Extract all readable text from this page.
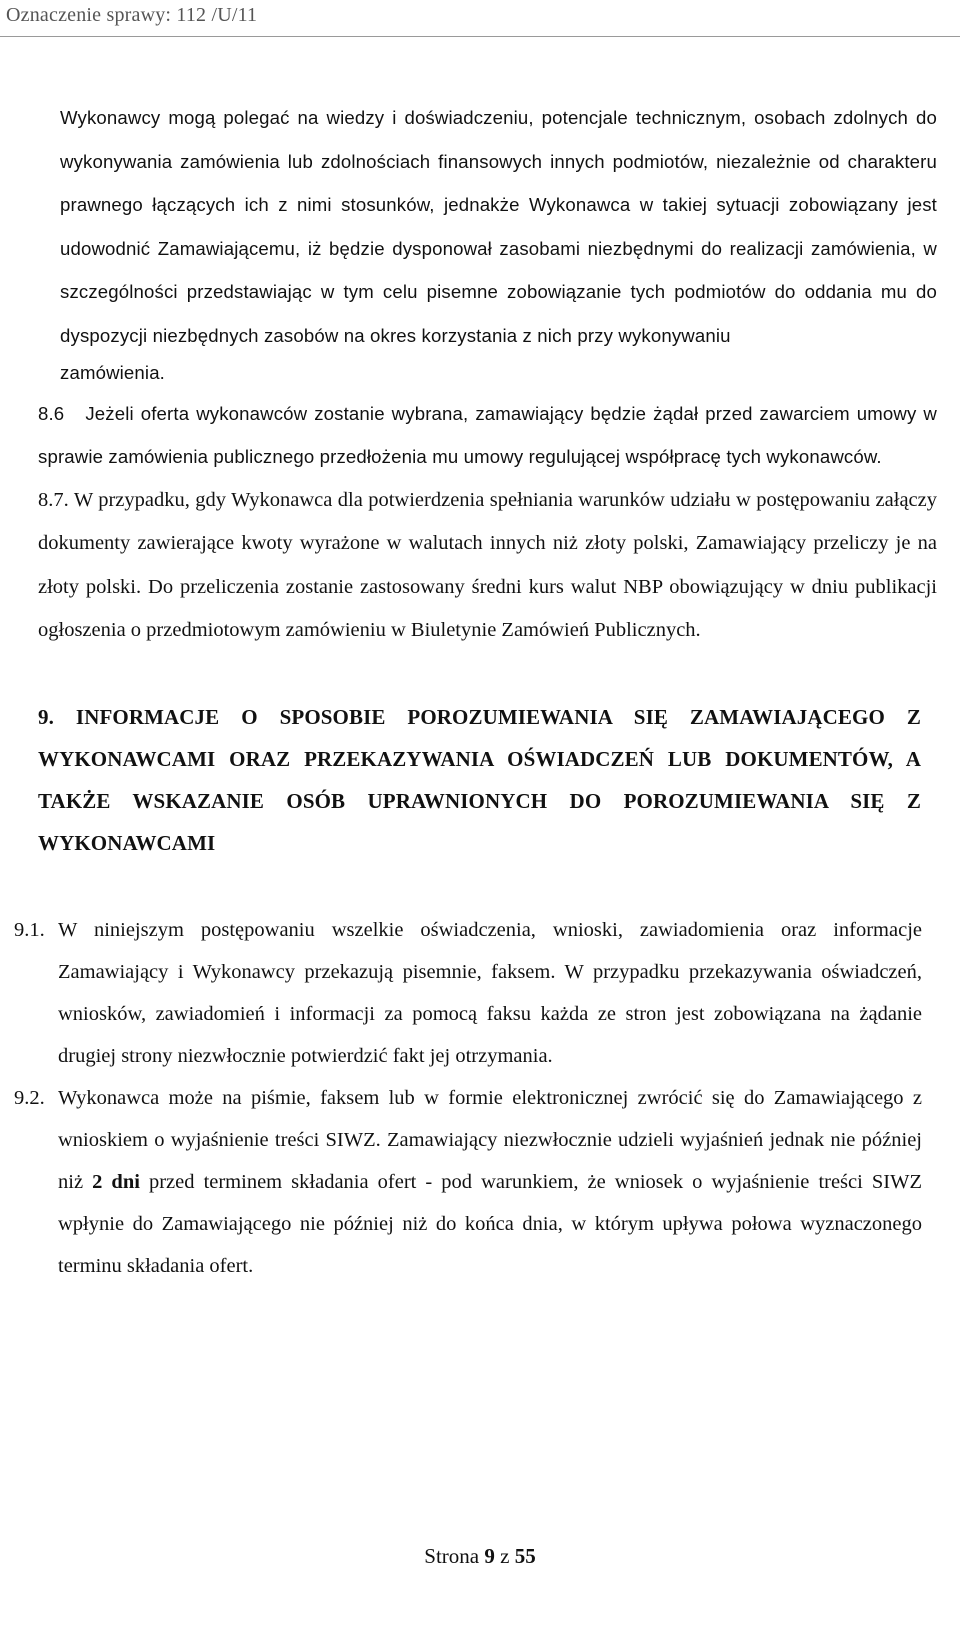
Oznaczenie sprawy: 112 /U/11

Wykonawcy mogą polegać na wiedzy i doświadczeniu, potencjale technicznym, osobach zdolnych do wykonywania zamówienia lub zdolnościach finansowych innych podmiotów, niezależnie od charakteru prawnego łączących ich z nimi stosunków, jednakże Wykonawca w takiej sytuacji zobowiązany jest udowodnić Zamawiającemu, iż będzie dysponował zasobami niezbędnymi do realizacji zamówienia, w szczególności przedstawiając w tym celu pisemne zobowiązanie tych podmiotów do oddania mu do dyspozycji niezbędnych zasobów na okres korzystania z nich przy wykonywaniu

zamówienia.

8.6 Jeżeli oferta wykonawców zostanie wybrana, zamawiający będzie żądał przed zawarciem umowy w sprawie zamówienia publicznego przedłożenia mu umowy regulującej współpracę tych wykonawców.

8.7. W przypadku, gdy Wykonawca dla potwierdzenia spełniania warunków udziału w postępowaniu załączy dokumenty zawierające kwoty wyrażone w walutach innych niż złoty polski, Zamawiający przeliczy je na złoty polski. Do przeliczenia zostanie zastosowany średni kurs walut NBP obowiązujący w dniu publikacji ogłoszenia o przedmiotowym zamówieniu w Biuletynie Zamówień Publicznych.

9. INFORMACJE O SPOSOBIE POROZUMIEWANIA SIĘ ZAMAWIAJĄCEGO Z WYKONAWCAMI ORAZ PRZEKAZYWANIA OŚWIADCZEŃ LUB DOKUMENTÓW, A TAKŻE WSKAZANIE OSÓB UPRAWNIONYCH DO POROZUMIEWANIA SIĘ Z WYKONAWCAMI

9.1. W niniejszym postępowaniu wszelkie oświadczenia, wnioski, zawiadomienia oraz informacje Zamawiający i Wykonawcy przekazują pisemnie, faksem. W przypadku przekazywania oświadczeń, wniosków, zawiadomień i informacji za pomocą faksu każda ze stron jest zobowiązana na żądanie drugiej strony niezwłocznie potwierdzić fakt jej otrzymania.

9.2. Wykonawca może na piśmie, faksem lub w formie elektronicznej zwrócić się do Zamawiającego z wnioskiem o wyjaśnienie treści SIWZ. Zamawiający niezwłocznie udzieli wyjaśnień jednak nie później niż 2 dni przed terminem składania ofert - pod warunkiem, że wniosek o wyjaśnienie treści SIWZ wpłynie do Zamawiającego nie później niż do końca dnia, w którym upływa połowa wyznaczonego terminu składania ofert.

Strona 9 z 55
